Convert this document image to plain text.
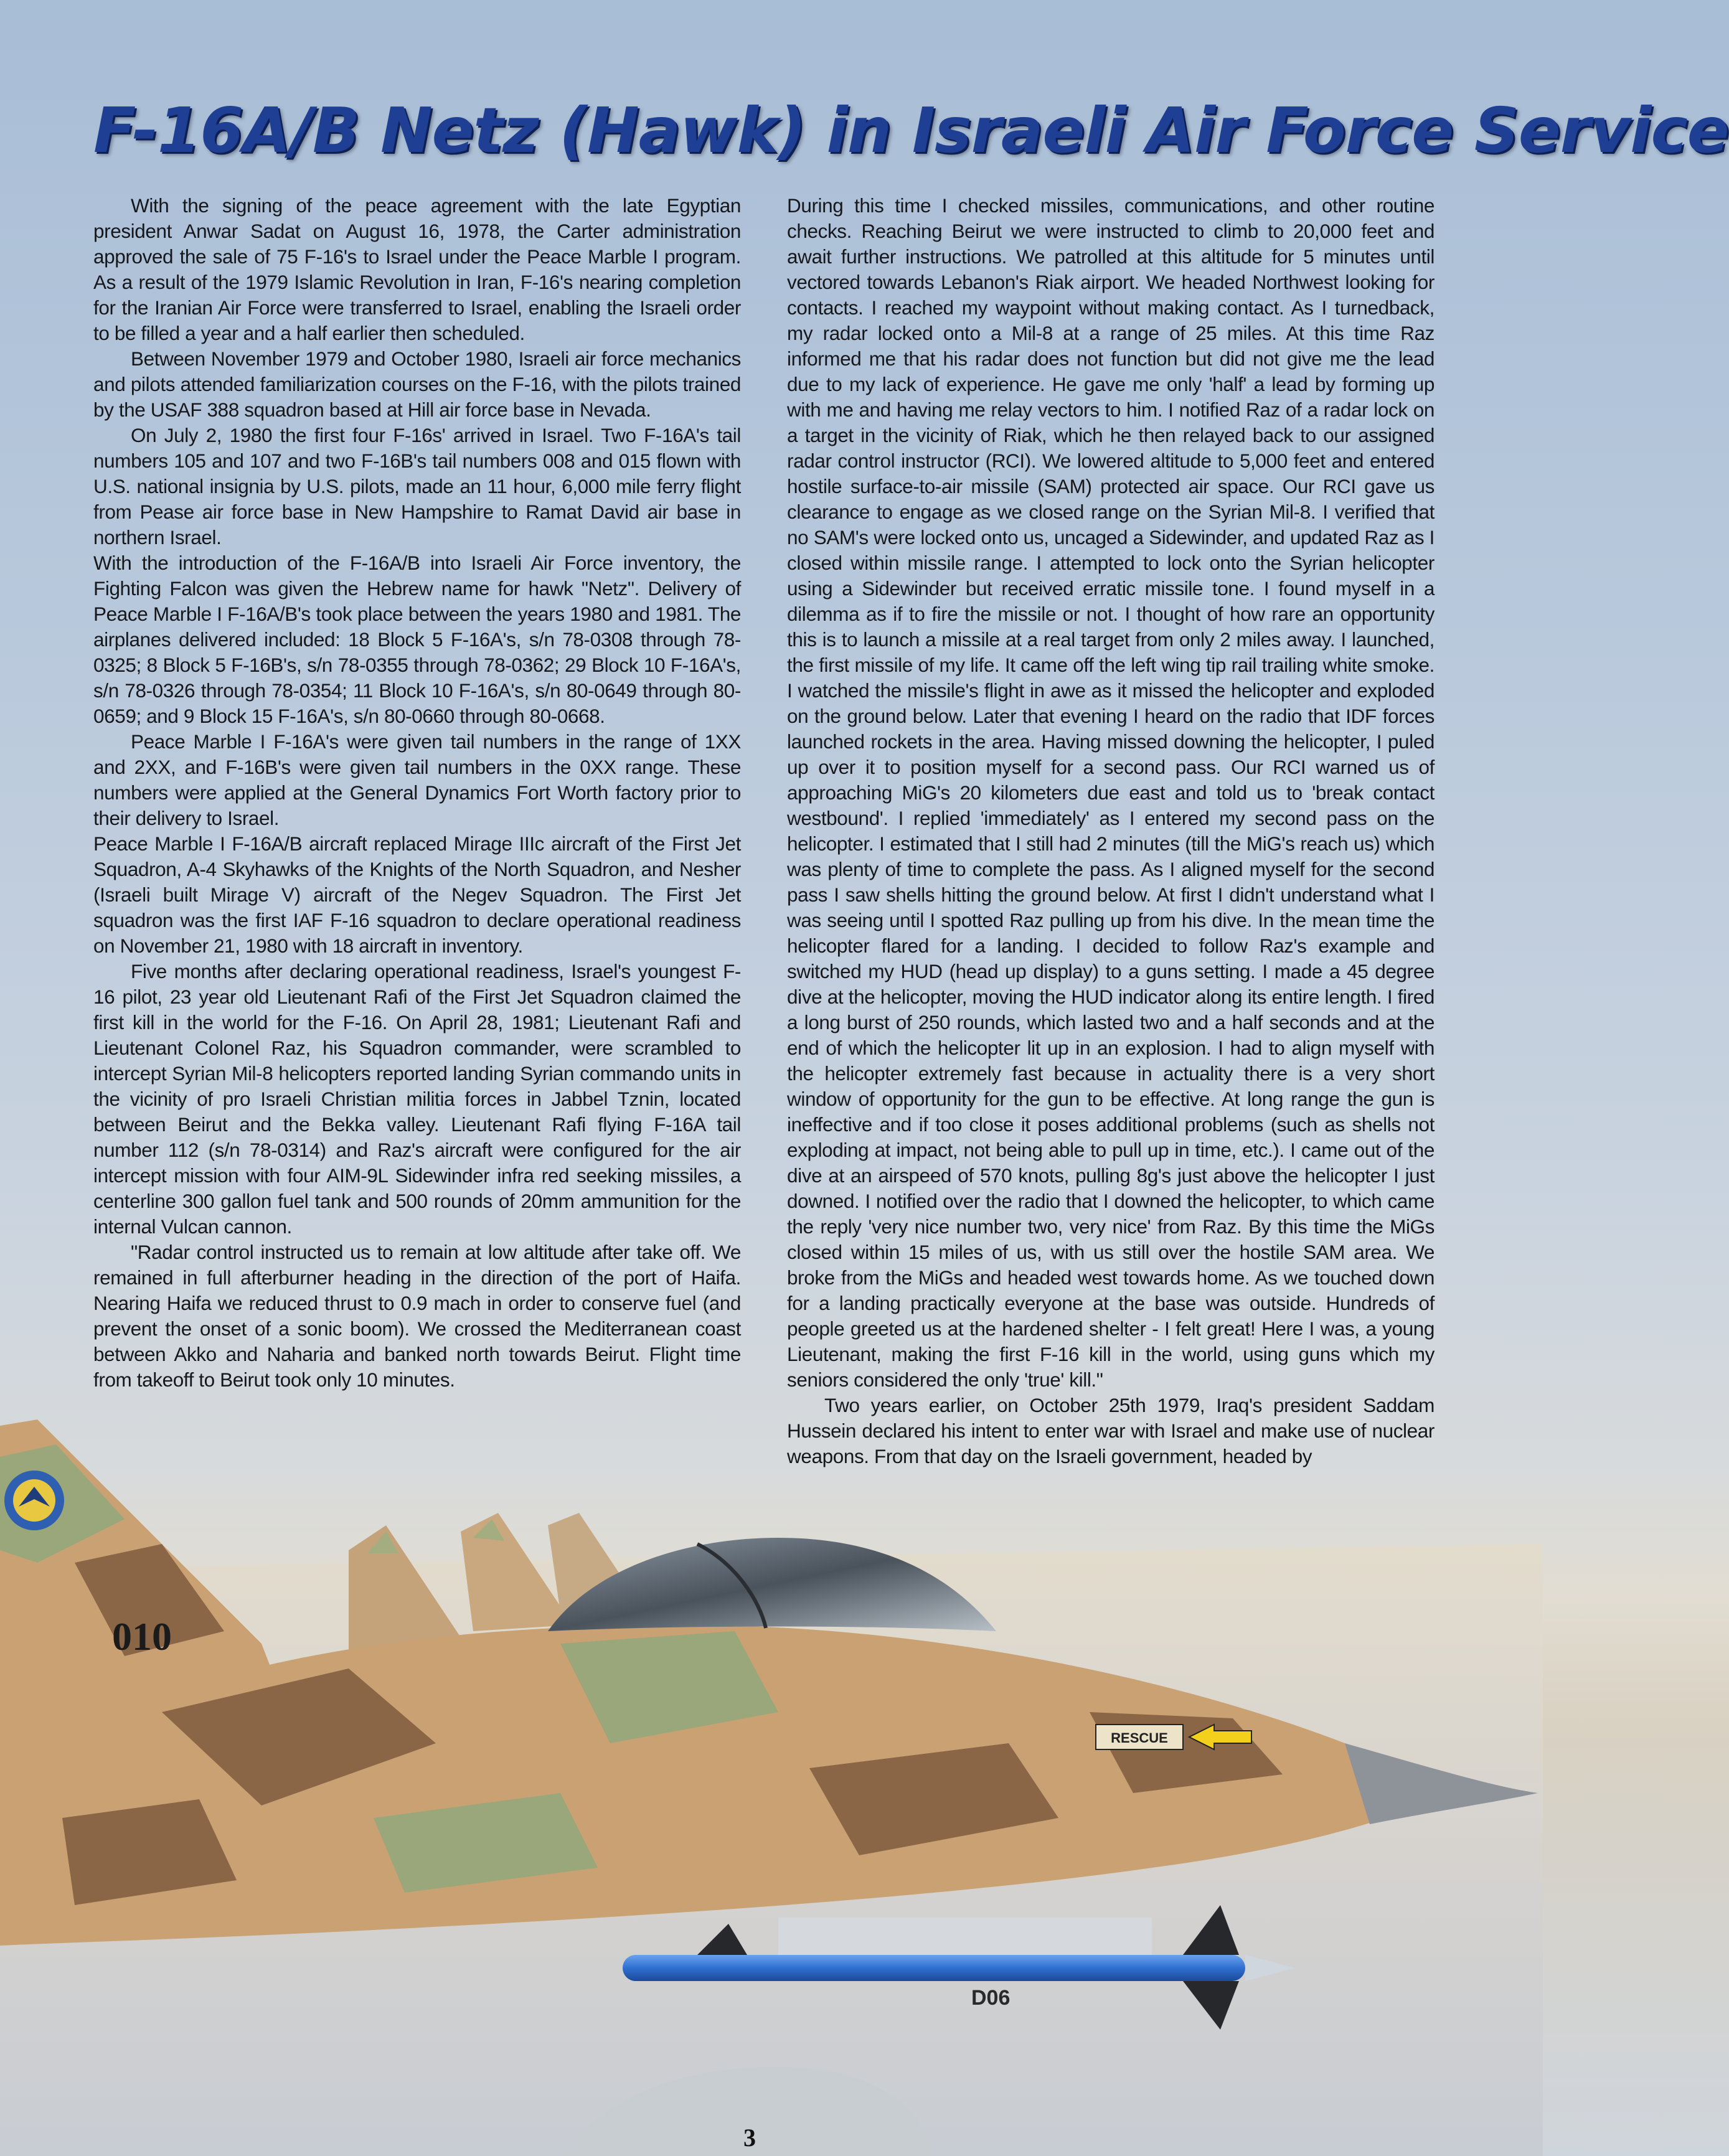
F-16A/B Netz (Hawk) in Israeli Air Force Service

With the signing of the peace agreement with the late Egyptian president Anwar Sadat on August 16, 1978, the Carter administration approved the sale of 75 F-16's to Israel under the Peace Marble I program. As a result of the 1979 Islamic Revolution in Iran, F-16's nearing completion for the Iranian Air Force were transferred to Israel, enabling the Israeli order to be filled a year and a half earlier then scheduled.

Between November 1979 and October 1980, Israeli air force mechanics and pilots attended familiarization courses on the F-16, with the pilots trained by the USAF 388 squadron based at Hill air force base in Nevada.

On July 2, 1980 the first four F-16s' arrived in Israel. Two F-16A's tail numbers 105 and 107 and two F-16B's tail numbers 008 and 015 flown with U.S. national insignia by U.S. pilots, made an 11 hour, 6,000 mile ferry flight from Pease air force base in New Hampshire to Ramat David air base in northern Israel.

With the introduction of the F-16A/B into Israeli Air Force inventory, the Fighting Falcon was given the Hebrew name for hawk "Netz". Delivery of Peace Marble I F-16A/B's took place between the years 1980 and 1981. The airplanes delivered included: 18 Block 5 F-16A's, s/n 78-0308 through 78-0325; 8 Block 5 F-16B's, s/n 78-0355 through 78-0362; 29 Block 10 F-16A's, s/n 78-0326 through 78-0354; 11 Block 10 F-16A's, s/n 80-0649 through 80-0659; and 9 Block 15 F-16A's, s/n 80-0660 through 80-0668.

Peace Marble I F-16A's were given tail numbers in the range of 1XX and 2XX, and F-16B's were given tail numbers in the 0XX range. These numbers were applied at the General Dynamics Fort Worth factory prior to their delivery to Israel.

Peace Marble I F-16A/B aircraft replaced Mirage IIIc aircraft of the First Jet Squadron, A-4 Skyhawks of the Knights of the North Squadron, and Nesher (Israeli built Mirage V) aircraft of the Negev Squadron. The First Jet squadron was the first IAF F-16 squadron to declare operational readiness on November 21, 1980 with 18 aircraft in inventory.

Five months after declaring operational readiness, Israel's youngest F-16 pilot, 23 year old Lieutenant Rafi of the First Jet Squadron claimed the first kill in the world for the F-16. On April 28, 1981; Lieutenant Rafi and Lieutenant Colonel Raz, his Squadron commander, were scrambled to intercept Syrian Mil-8 helicopters reported landing Syrian commando units in the vicinity of pro Israeli Christian militia forces in Jabbel Tznin, located between Beirut and the Bekka valley. Lieutenant Rafi flying F-16A tail number 112 (s/n 78-0314) and Raz's aircraft were configured for the air intercept mission with four AIM-9L Sidewinder infra red seeking missiles, a centerline 300 gallon fuel tank and 500 rounds of 20mm ammunition for the internal Vulcan cannon.

"Radar control instructed us to remain at low altitude after take off. We remained in full afterburner heading in the direction of the port of Haifa. Nearing Haifa we reduced thrust to 0.9 mach in order to conserve fuel (and prevent the onset of a sonic boom). We crossed the Mediterranean coast between Akko and Naharia and banked north towards Beirut. Flight time from takeoff to Beirut took only 10 minutes.

During this time I checked missiles, communications, and other routine checks. Reaching Beirut we were instructed to climb to 20,000 feet and await further instructions. We patrolled at this altitude for 5 minutes until vectored towards Lebanon's Riak airport. We headed Northwest looking for contacts. I reached my waypoint without making contact. As I turnedback, my radar locked onto a Mil-8 at a range of 25 miles. At this time Raz informed me that his radar does not function but did not give me the lead due to my lack of experience. He gave me only 'half' a lead by forming up with me and having me relay vectors to him. I notified Raz of a radar lock on a target in the vicinity of Riak, which he then relayed back to our assigned radar control instructor (RCI). We lowered altitude to 5,000 feet and entered hostile surface-to-air missile (SAM) protected air space. Our RCI gave us clearance to engage as we closed range on the Syrian Mil-8. I verified that no SAM's were locked onto us, uncaged a Sidewinder, and updated Raz as I closed within missile range. I attempted to lock onto the Syrian helicopter using a Sidewinder but received erratic missile tone. I found myself in a dilemma as if to fire the missile or not. I thought of how rare an opportunity this is to launch a missile at a real target from only 2 miles away. I launched, the first missile of my life. It came off the left wing tip rail trailing white smoke. I watched the missile's flight in awe as it missed the helicopter and exploded on the ground below. Later that evening I heard on the radio that IDF forces launched rockets in the area. Having missed downing the helicopter, I puled up over it to position myself for a second pass. Our RCI warned us of approaching MiG's 20 kilometers due east and told us to 'break contact westbound'. I replied 'immediately' as I entered my second pass on the helicopter. I estimated that I still had 2 minutes (till the MiG's reach us) which was plenty of time to complete the pass. As I aligned myself for the second pass I saw shells hitting the ground below. At first I didn't understand what I was seeing until I spotted Raz pulling up from his dive. In the mean time the helicopter flared for a landing. I decided to follow Raz's example and switched my HUD (head up display) to a guns setting. I made a 45 degree dive at the helicopter, moving the HUD indicator along its entire length. I fired a long burst of 250 rounds, which lasted two and a half seconds and at the end of which the helicopter lit up in an explosion. I had to align myself with the helicopter extremely fast because in actuality there is a very short window of opportunity for the gun to be effective. At long range the gun is ineffective and if too close it poses additional problems (such as shells not exploding at impact, not being able to pull up in time, etc.). I came out of the dive at an airspeed of 570 knots, pulling 8g's just above the helicopter I just downed. I notified over the radio that I downed the helicopter, to which came the reply 'very nice number two, very nice' from Raz. By this time the MiGs closed within 15 miles of us, with us still over the hostile SAM area. We broke from the MiGs and headed west towards home. As we touched down for a landing practically everyone at the base was outside. Hundreds of people greeted us at the hardened shelter - I felt great! Here I was, a young Lieutenant, making the first F-16 kill in the world, using guns which my seniors considered the only 'true' kill."

Two years earlier, on October 25th 1979, Iraq's president Saddam Hussein declared his intent to enter war with Israel and make use of nuclear weapons. From that day on the Israeli government, headed by

010
RESCUE
D06
3
